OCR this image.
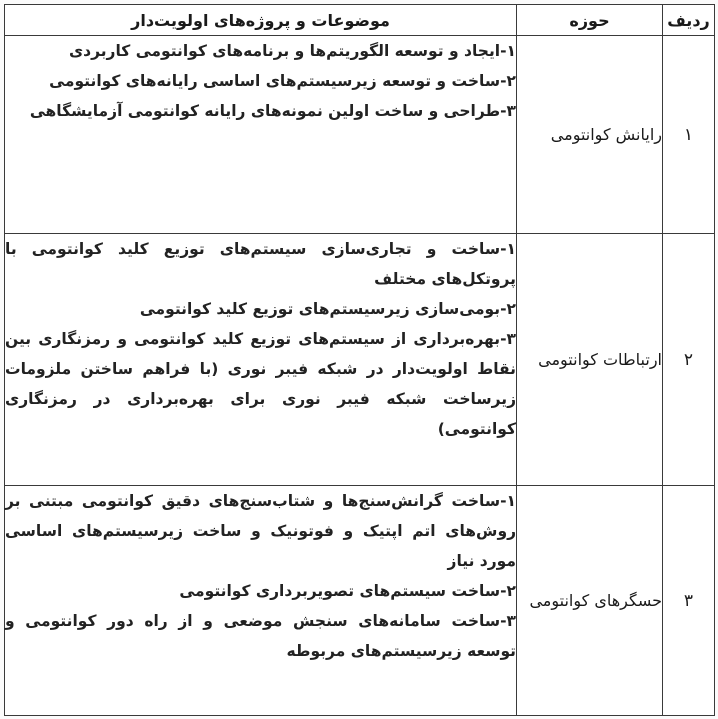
ردیف	حوزه	موضوعات و پروژه‌های اولویت‌دار
۱	رایانش کوانتومی	۱-ایجاد و توسعه الگوریتم‌ها و برنامه‌های کوانتومی کاربردی
۲-ساخت و توسعه زیرسیستم‌های اساسی رایانه‌های کوانتومی
۳-طراحی و ساخت اولین نمونه‌های رایانه کوانتومی آزمایشگاهی

۲	ارتباطات کوانتومی	۱-ساخت و تجاری‌سازی سیستم‌های توزیع کلید کوانتومی با پروتکل‌های مختلف
۲-بومی‌سازی زیرسیستم‌های توزیع کلید کوانتومی
۳-بهره‌برداری از سیستم‌های توزیع کلید کوانتومی و رمزنگاری بین نقاط اولویت‌دار در شبکه فیبر نوری (با فراهم ساختن ملزومات زیرساخت شبکه فیبر نوری برای بهره‌برداری در رمزنگاری کوانتومی)

۳	حسگرهای کوانتومی	۱-ساخت گرانش‌سنج‌ها و شتاب‌سنج‌های دقیق کوانتومی مبتنی بر روش‌های اتم اپتیک و فوتونیک و ساخت زیرسیستم‌های اساسی مورد نیاز
۲-ساخت سیستم‌های تصویربرداری کوانتومی
۳-ساخت سامانه‌های سنجش موضعی و از راه دور کوانتومی و توسعه زیرسیستم‌های مربوطه
